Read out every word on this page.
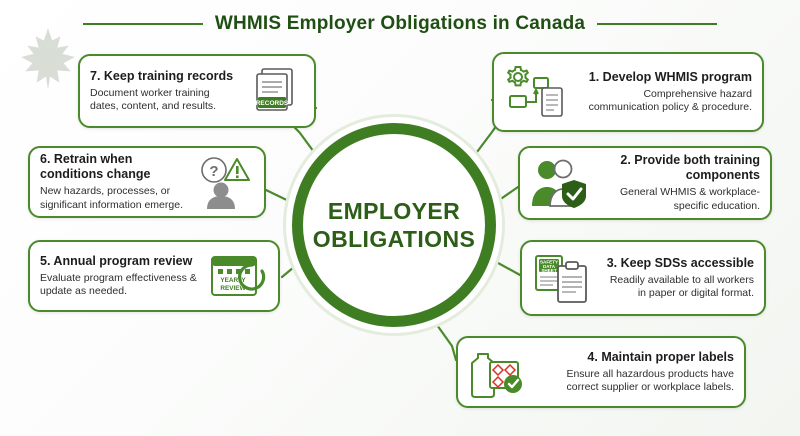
WHMIS Employer Obligations in Canada
EMPLOYER
OBLIGATIONS
7. Keep training records

Document worker training dates, content, and results.	RECORDS
6. Retrain when conditions change

New hazards, processes, or significant information emerge.

?
5. Annual program review

Evaluate program effectiveness & update as needed.

YEARLY
REVIEW
1. Develop WHMIS program

Comprehensive hazard communication policy & procedure.

2. Provide both training components

General WHMIS & workplace-specific education.

SAFETY
DATA
SHEET
3. Keep SDSs accessible

Readily available to all workers in paper or digital format.

4. Maintain proper labels

Ensure all hazardous products have correct supplier or workplace labels.
